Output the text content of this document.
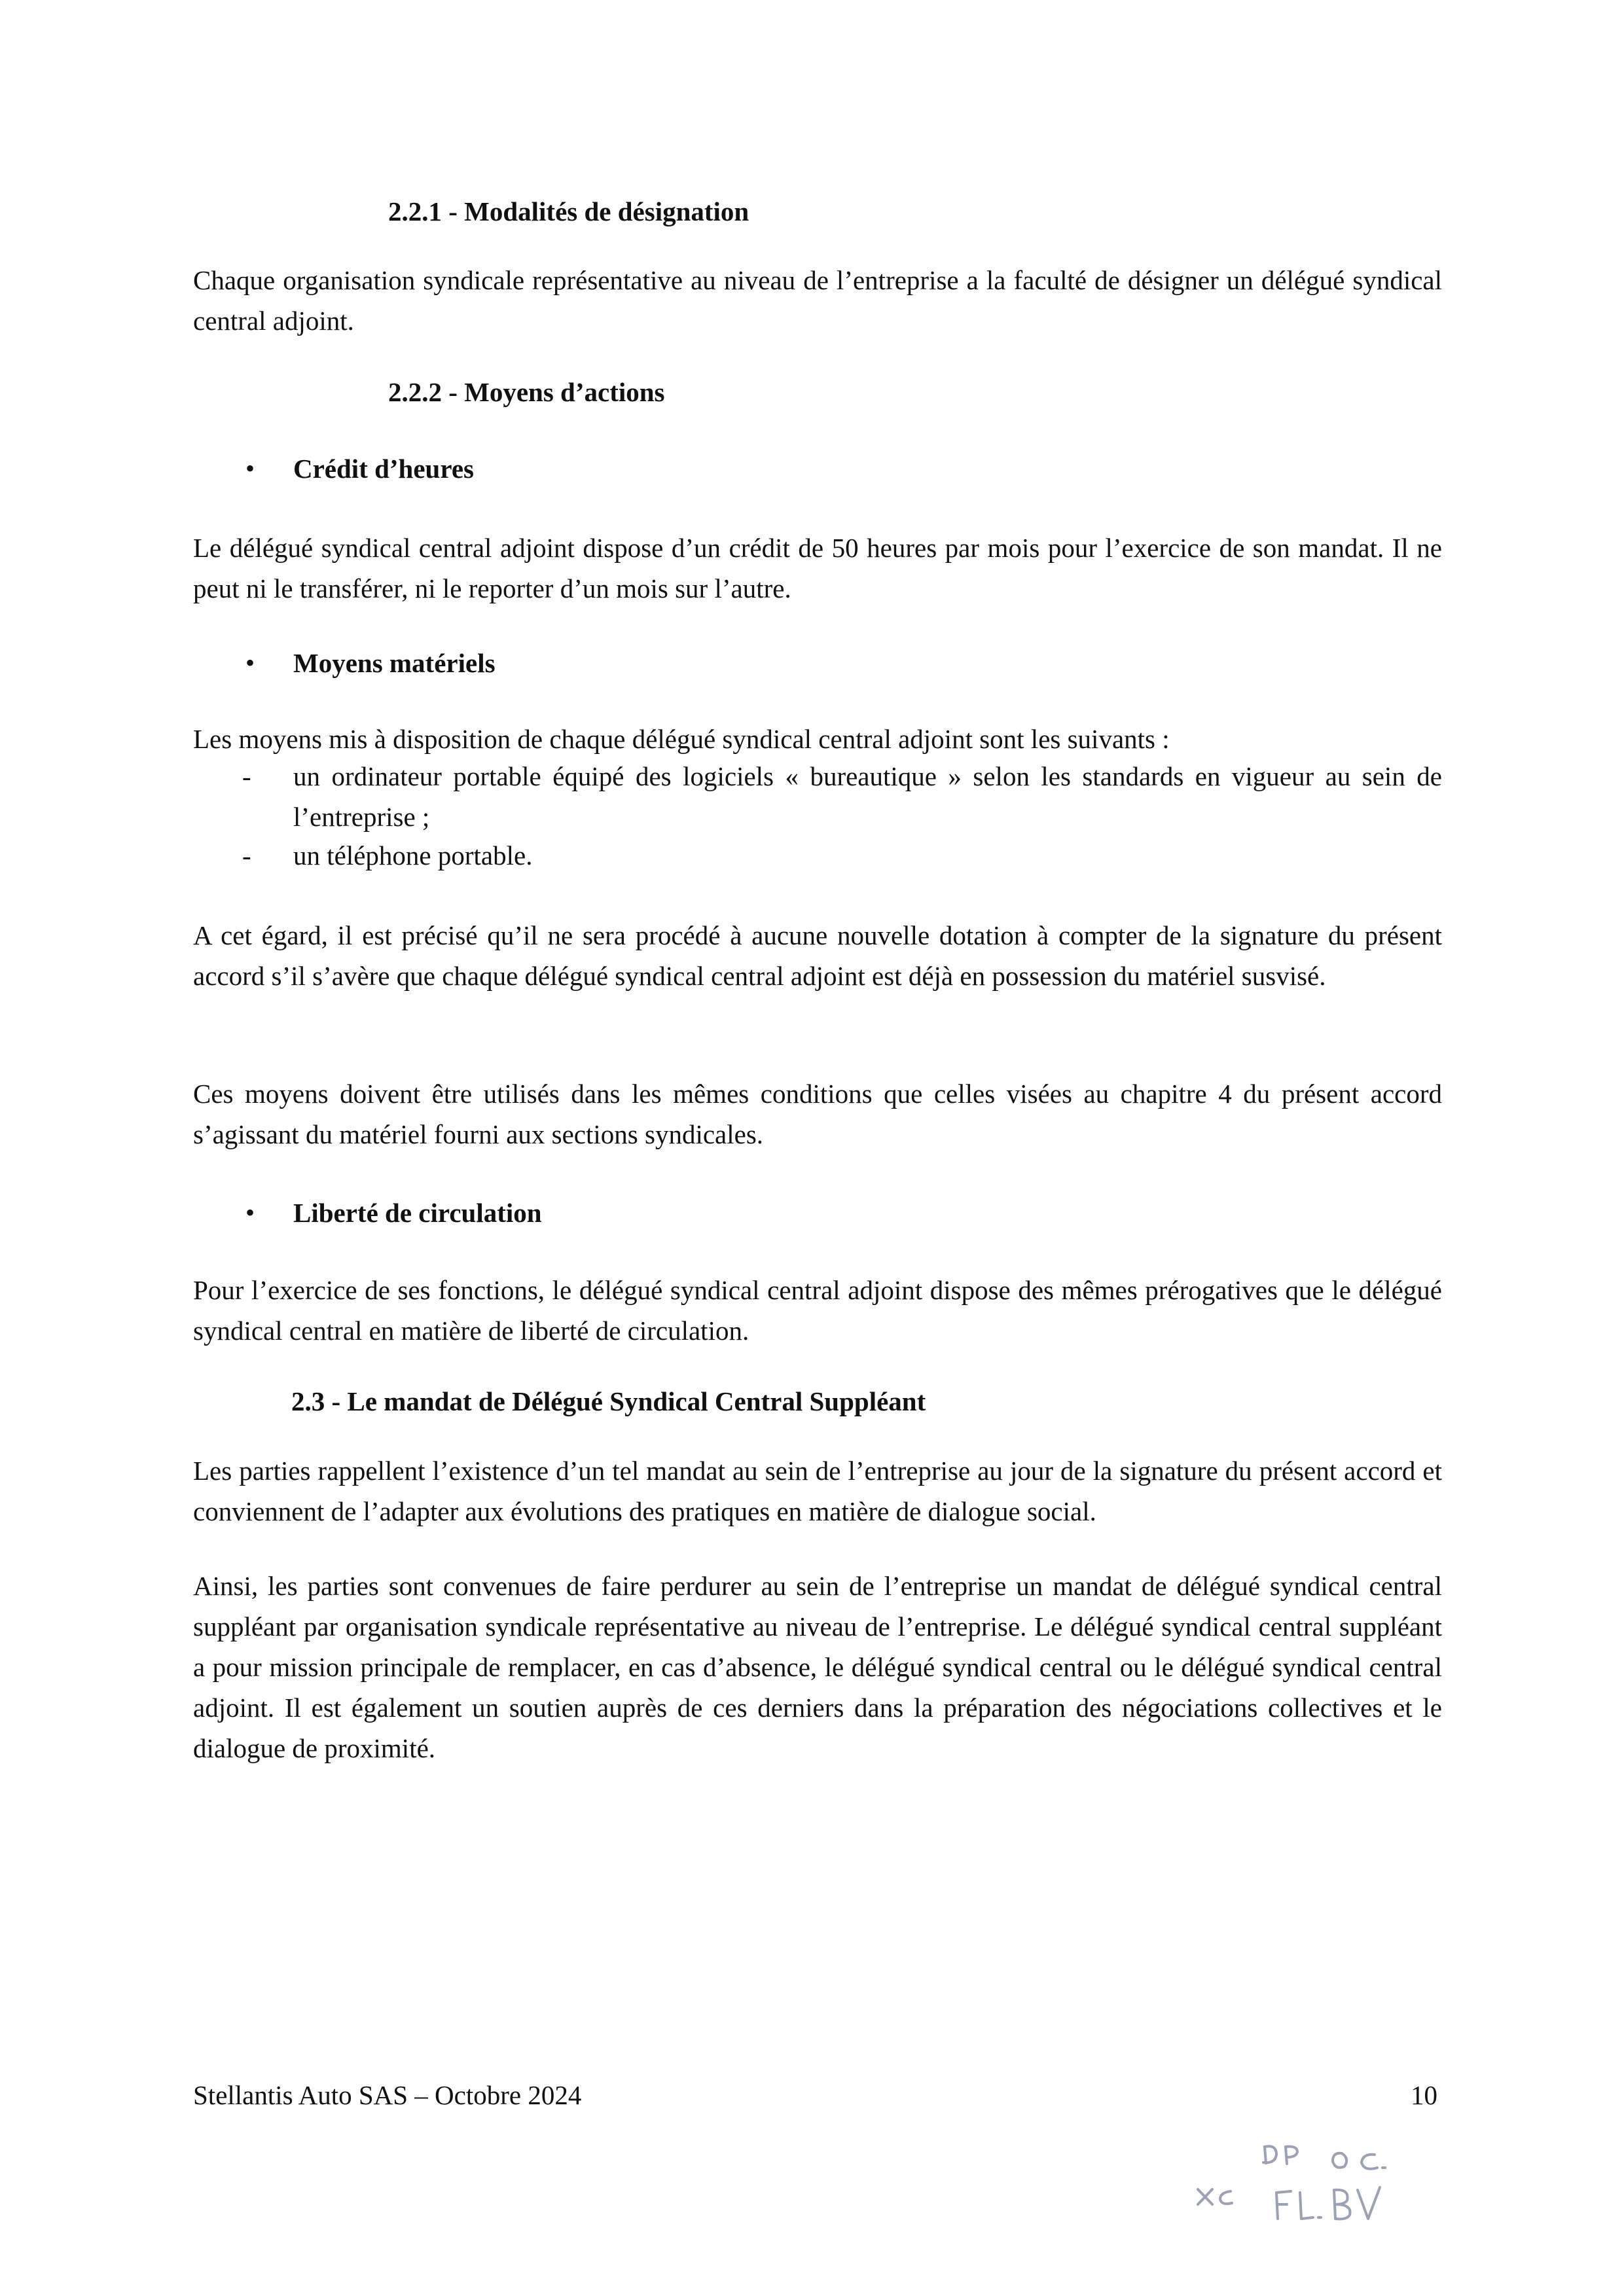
2.2.1 - Modalités de désignation

Chaque organisation syndicale représentative au niveau de l’entreprise a la faculté de désigner un délégué syndical central adjoint.

2.2.2 - Moyens d’actions
• Crédit d’heures

Le délégué syndical central adjoint dispose d’un crédit de 50 heures par mois pour l’exercice de son mandat. Il ne peut ni le transférer, ni le reporter d’un mois sur l’autre.

• Moyens matériels

Les moyens mis à disposition de chaque délégué syndical central adjoint sont les suivants :

- un ordinateur portable équipé des logiciels « bureautique » selon les standards en vigueur au sein de l’entreprise ;
- un téléphone portable.

A cet égard, il est précisé qu’il ne sera procédé à aucune nouvelle dotation à compter de la signature du présent accord s’il s’avère que chaque délégué syndical central adjoint est déjà en possession du matériel susvisé.

Ces moyens doivent être utilisés dans les mêmes conditions que celles visées au chapitre 4 du présent accord s’agissant du matériel fourni aux sections syndicales.

• Liberté de circulation

Pour l’exercice de ses fonctions, le délégué syndical central adjoint dispose des mêmes prérogatives que le délégué syndical central en matière de liberté de circulation.

2.3 - Le mandat de Délégué Syndical Central Suppléant

Les parties rappellent l’existence d’un tel mandat au sein de l’entreprise au jour de la signature du présent accord et conviennent de l’adapter aux évolutions des pratiques en matière de dialogue social.

Ainsi, les parties sont convenues de faire perdurer au sein de l’entreprise un mandat de délégué syndical central suppléant par organisation syndicale représentative au niveau de l’entreprise. Le délégué syndical central suppléant a pour mission principale de remplacer, en cas d’absence, le délégué syndical central ou le délégué syndical central adjoint. Il est également un soutien auprès de ces derniers dans la préparation des négociations collectives et le dialogue de proximité.

Stellantis Auto SAS – Octobre 2024	10
